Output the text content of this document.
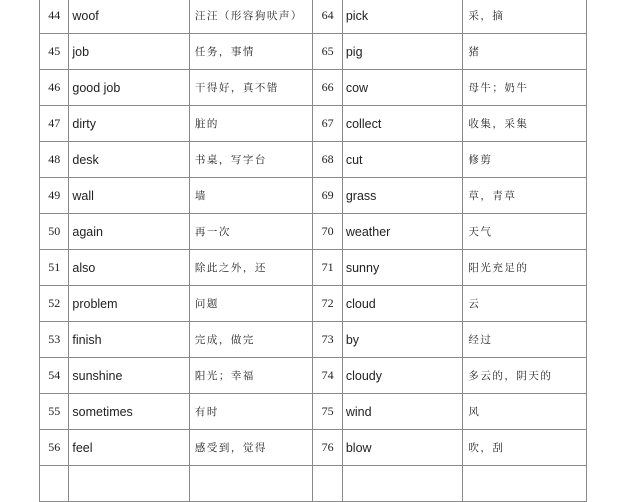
44	woof	汪汪（形容狗吠声）	64	pick	采，摘
45	job	任务，事情	65	pig	猪
46	good job	干得好，真不错	66	cow	母牛；奶牛
47	dirty	脏的	67	collect	收集，采集
48	desk	书桌，写字台	68	cut	修剪
49	wall	墙	69	grass	草，青草
50	again	再一次	70	weather	天气
51	also	除此之外，还	71	sunny	阳光充足的
52	problem	问题	72	cloud	云
53	finish	完成，做完	73	by	经过
54	sunshine	阳光；幸福	74	cloudy	多云的，阴天的
55	sometimes	有时	75	wind	风
56	feel	感受到，觉得	76	blow	吹，刮
